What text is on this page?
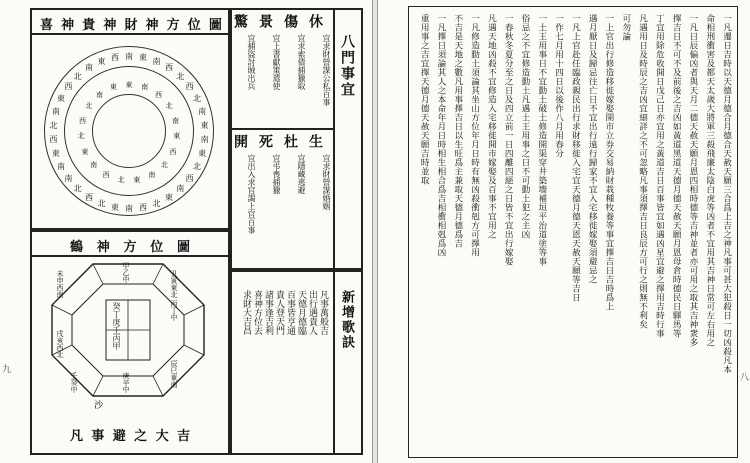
九
圖
位
方
神
財
神
貴
神
喜
南 東 南
西
北
西
北
南
東
南
東
北
西
南
東
北
西
南
東
北
西
北
南
南
東
西
北
南
東
西
北
南
東 西
東 南
西
北
南
東
西
北
南
東
北
西
南
東
北
西
北
南
東
圖
位
方
神
鶴
癸丁庚壬丙甲
甲乙中
丙丁中
庚辛中
壬癸中
丑寅東北
辰巳東南
未申西南
戌亥西北
沙
吉
大
之
避
事
凡
八門事宜
休
宜求財營謀公私百事
傷
宜求索債捕獵取
景
宜上書獻策遣使
驚
宜捕盜討賊出兵
生
宜求財營謀婚姻
杜
宜隱藏逃避
死
宜弔喪捕獵
開
宜出入求官謁上官百事
新增歌訣
凡事萬般吉
出行遇貴人
天德月德臨
百事皆亨通
貴人登天門
諸事逢吉利
喜神方位去
求財大吉昌
八
一凡遷日吉時以天德月德合月德合天赦天願三合爲上吉之神凡事可甚大犯殺日一切凶殺凡本
命相刑衝害及都天太歲大將軍三殺飛廉太陰白虎等凶者不宜用其吉神日常可左右用之
一凡日辰偏凶者與天月二德天赦天願月恩四相時德等吉神並者亦可用之取其吉神衆多
擇吉日不可不及前後之吉凶如黃道黑道天德月德天赦天願月恩母倉時德民日驛馬等
丁宜用除危收開日戊己日亦宜用之黃道吉日百事皆宜如遇凶星宜避之擇用吉時行事
凡遇用日及時辰之吉凶宜細詳之不可忽略凡事須擇吉日良辰方可行之則無不利矣
可勿論
一上官出行修造移徙嫁娶開市立券交易納財栽種牧養等事宜擇吉日吉時爲上
遇月厭日及歸忌往亡日不宜出行遠行歸家不宜入宅移徙嫁娶須避忌之
一凡上官赴任臨政親民出行求財移徙入宅宜天德月德天恩天赦天願等吉日
一作七月用十四日以後作八月用春分
一土王用事日不宜動土破土修造開渠穿井築墻補垣平治道塗等事
俗忌之不宜修造動土凡遇土王用事之日不可動土犯之主凶
一春秋冬夏分至之日及四立前一日四離四絕之日皆不宜出行嫁娶
凡遇天地凶殺不宜修造入宅移徙開市嫁娶及百事不宜用之
一凡修造動土須論其坐山方位年月日時有無凶殺衝剋方可擇用
不吉是天地之數凡用事擇吉日以生旺爲主兼取天德月德爲吉
一凡擇日須論其人之本命年月日時相生相合爲吉相衝相剋爲凶
重用事之吉宜擇天德月德天赦天願吉時並取
